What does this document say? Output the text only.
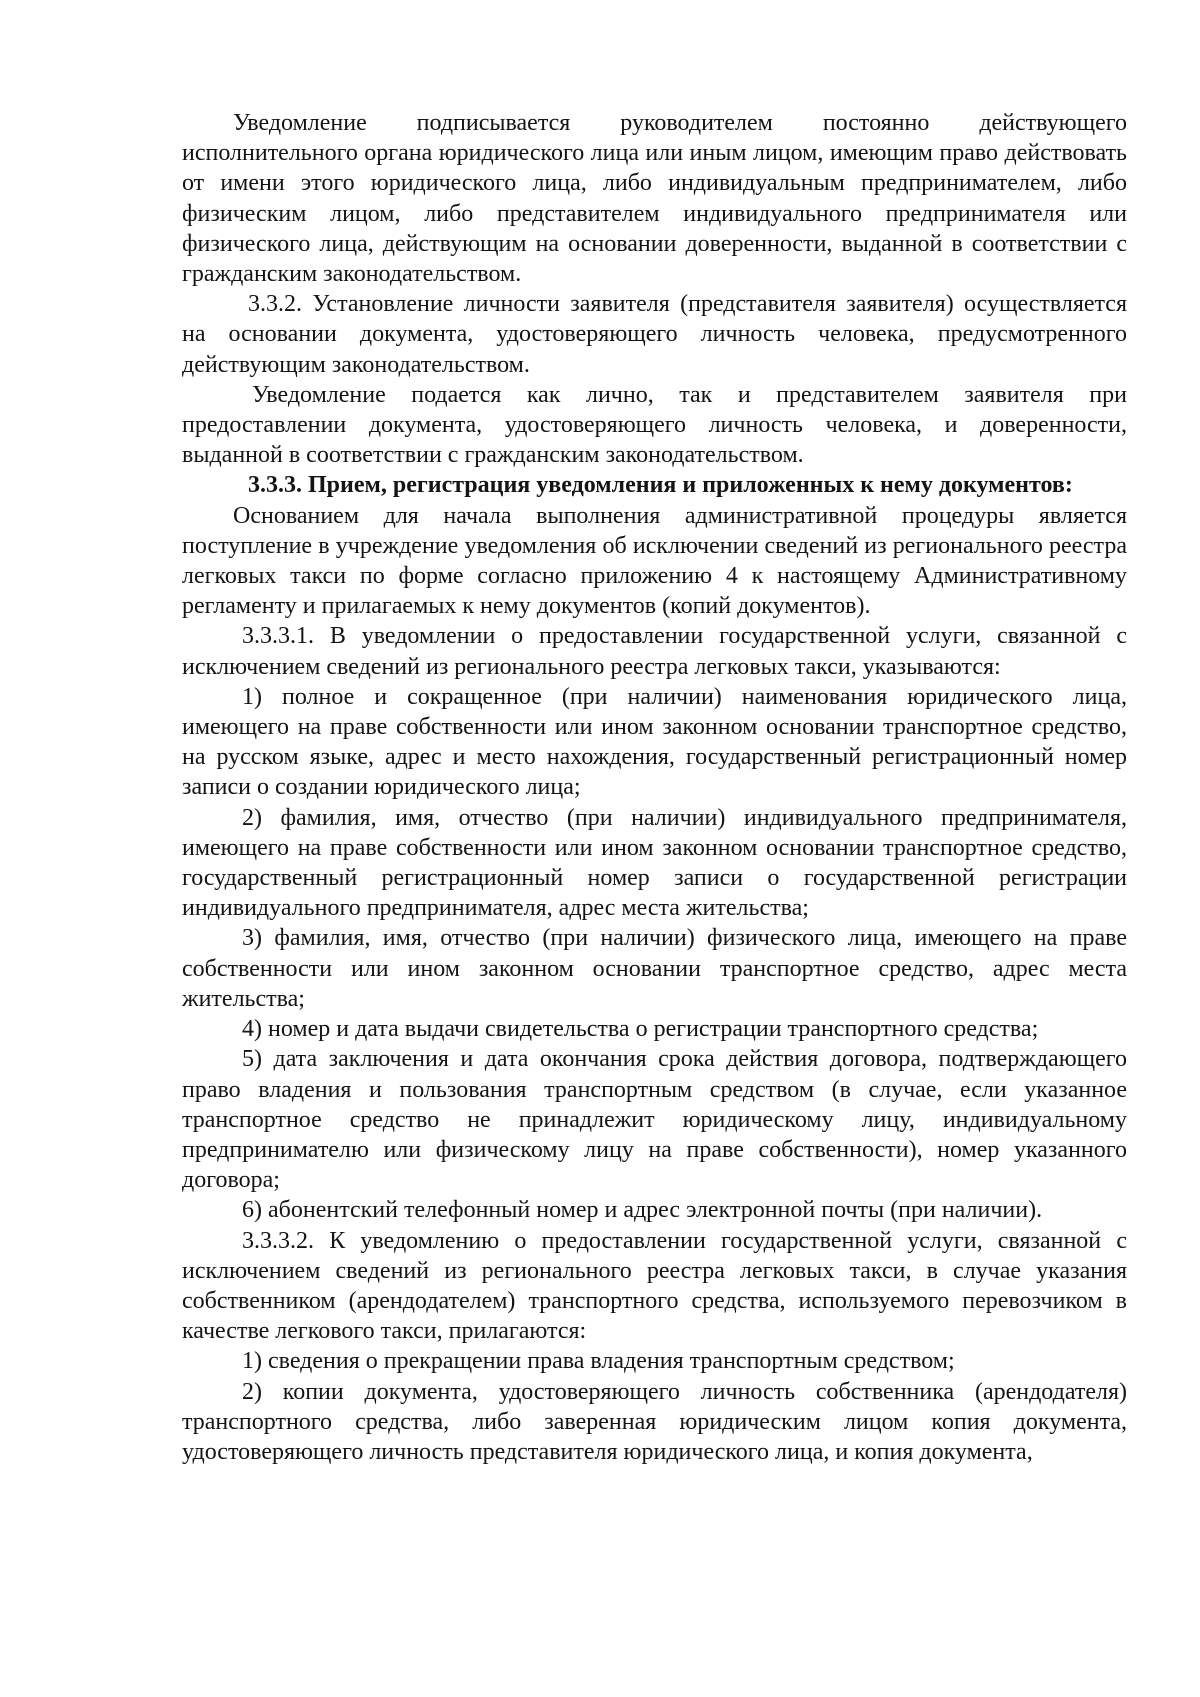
Уведомление подписывается руководителем постоянно действующего исполнительного органа юридического лица или иным лицом, имеющим право действовать от имени этого юридического лица, либо индивидуальным предпринимателем, либо физическим лицом, либо представителем индивидуального предпринимателя или физического лица, действующим на основании доверенности, выданной в соответствии с гражданским законодательством.

3.3.2. Установление личности заявителя (представителя заявителя) осуществляется на основании документа, удостоверяющего личность человека, предусмотренного действующим законодательством.

Уведомление подается как лично, так и представителем заявителя при предоставлении документа, удостоверяющего личность человека, и доверенности, выданной в соответствии с гражданским законодательством.

3.3.3. Прием, регистрация уведомления и приложенных к нему документов:

Основанием для начала выполнения административной процедуры является поступление в учреждение уведомления об исключении сведений из регионального реестра легковых такси по форме согласно приложению 4 к настоящему Административному регламенту и прилагаемых к нему документов (копий документов).

3.3.3.1. В уведомлении о предоставлении государственной услуги, связанной с исключением сведений из регионального реестра легковых такси, указываются:

1) полное и сокращенное (при наличии) наименования юридического лица, имеющего на праве собственности или ином законном основании транспортное средство, на русском языке, адрес и место нахождения, государственный регистрационный номер записи о создании юридического лица;

2) фамилия, имя, отчество (при наличии) индивидуального предпринимателя, имеющего на праве собственности или ином законном основании транспортное средство, государственный регистрационный номер записи о государственной регистрации индивидуального предпринимателя, адрес места жительства;

3) фамилия, имя, отчество (при наличии) физического лица, имеющего на праве собственности или ином законном основании транспортное средство, адрес места жительства;

4) номер и дата выдачи свидетельства о регистрации транспортного средства;

5) дата заключения и дата окончания срока действия договора, подтверждающего право владения и пользования транспортным средством (в случае, если указанное транспортное средство не принадлежит юридическому лицу, индивидуальному предпринимателю или физическому лицу на праве собственности), номер указанного договора;

6) абонентский телефонный номер и адрес электронной почты (при наличии).

3.3.3.2. К уведомлению о предоставлении государственной услуги, связанной с исключением сведений из регионального реестра легковых такси, в случае указания собственником (арендодателем) транспортного средства, используемого перевозчиком в качестве легкового такси, прилагаются:

1) сведения о прекращении права владения транспортным средством;

2) копии документа, удостоверяющего личность собственника (арендодателя) транспортного средства, либо заверенная юридическим лицом копия документа, удостоверяющего личность представителя юридического лица, и копия документа,
